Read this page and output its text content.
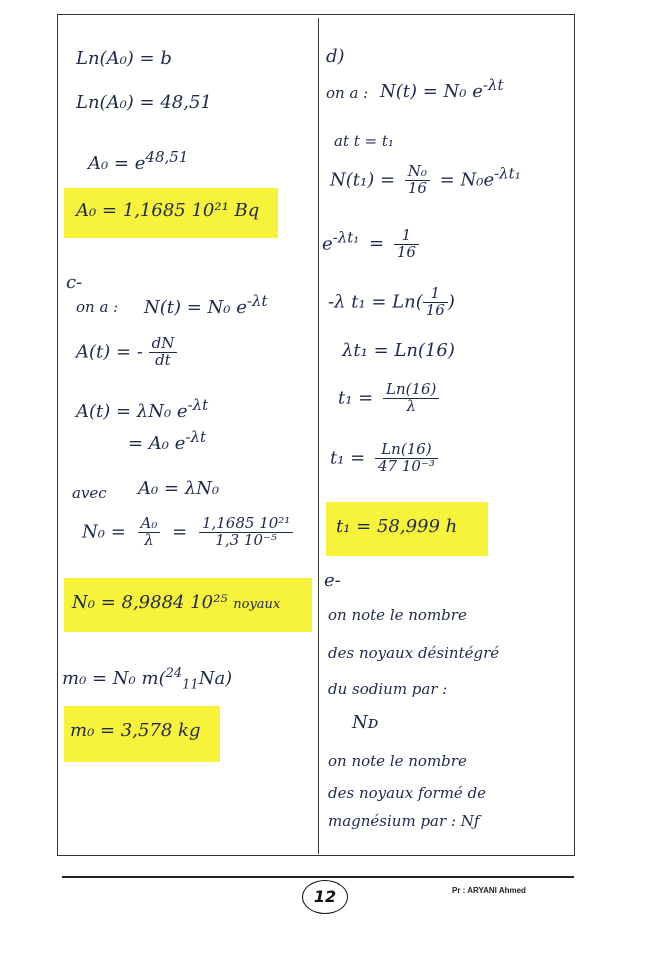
Ln(A₀) = b
Ln(A₀) = 48,51
$A_0 = e^{48,51}$
A₀ = 1,1685 10²¹ Bq
c-
on a : N(t) = N₀ $e^{-\lambda t}$
A(t) = - $\frac{dN}{dt}$
A(t) = λN₀ $e^{-\lambda t}$
= A₀ $e^{-\lambda t}$
avec A₀ = λN₀
$N_0 = \frac{\text{A₀}}{\lambda} = \frac{\text{1,1685 10²¹}}{\text{1,3 10⁻⁵}}$
N₀ = 8,9884 10²⁵ noyaux
m₀ = N₀ m($^{24}_{11}$Na)
m₀ = 3,578 kg
d)
on a : N(t) = N₀ $e^{-\lambda t}$
at t = t₁
$N(t_1) = \frac{\text{N₀}}{16} = N_0e^{-\lambda t_1}$
$e^{-\lambda t_1} = \frac{1}{16}$
-λ $t_1 = Ln( \frac{1}{16}$ )
λt₁ = Ln(16)
$t_1 = \frac{Ln(16)}{\lambda}$
$t_1 = \frac{Ln(16)}{\text{47 10⁻³}}$
t₁ = 58,999 h
e-
on note le nombre
des noyaux désintégré
du sodium par :
Nᴅ
on note le nombre
des noyaux formé de
magnésium par : Nƒ
12	Pr : ARYANI Ahmed
